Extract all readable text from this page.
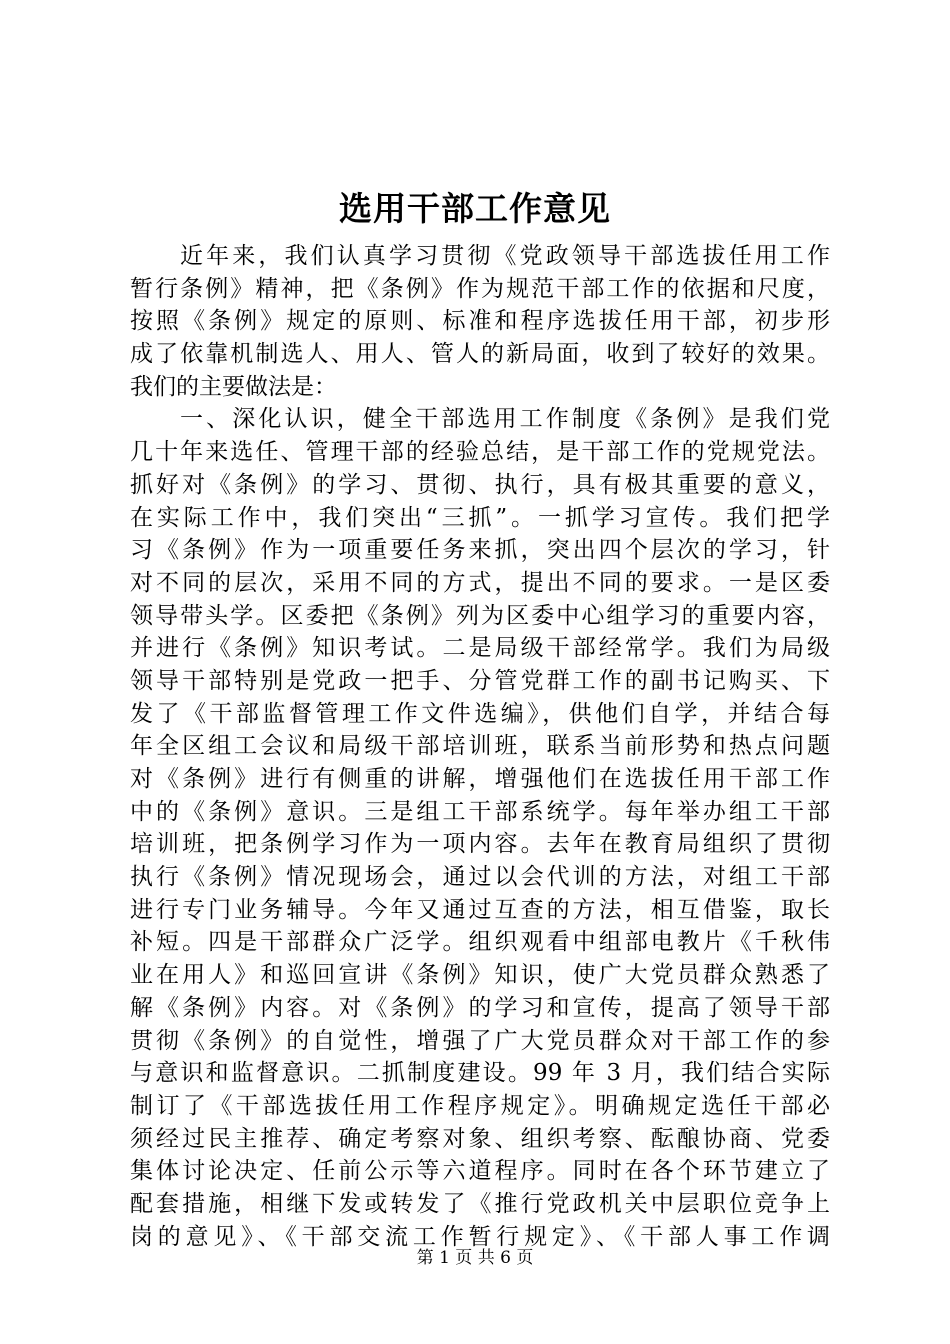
选用干部工作意见
近年来，我们认真学习贯彻《党政领导干部选拔任用工作
暂行条例》精神，把《条例》作为规范干部工作的依据和尺度，
按照《条例》规定的原则、标准和程序选拔任用干部，初步形
成了依靠机制选人、用人、管人的新局面，收到了较好的效果。
我们的主要做法是：
一、深化认识，健全干部选用工作制度《条例》是我们党
几十年来选任、管理干部的经验总结，是干部工作的党规党法。
抓好对《条例》的学习、贯彻、执行，具有极其重要的意义，
在实际工作中，我们突出“三抓”。一抓学习宣传。我们把学
习《条例》作为一项重要任务来抓，突出四个层次的学习，针
对不同的层次，采用不同的方式，提出不同的要求。一是区委
领导带头学。区委把《条例》列为区委中心组学习的重要内容，
并进行《条例》知识考试。二是局级干部经常学。我们为局级
领导干部特别是党政一把手、分管党群工作的副书记购买、下
发了《干部监督管理工作文件选编》，供他们自学，并结合每
年全区组工会议和局级干部培训班，联系当前形势和热点问题
对《条例》进行有侧重的讲解，增强他们在选拔任用干部工作
中的《条例》意识。三是组工干部系统学。每年举办组工干部
培训班，把条例学习作为一项内容。去年在教育局组织了贯彻
执行《条例》情况现场会，通过以会代训的方法，对组工干部
进行专门业务辅导。今年又通过互查的方法，相互借鉴，取长
补短。四是干部群众广泛学。组织观看中组部电教片《千秋伟
业在用人》和巡回宣讲《条例》知识，使广大党员群众熟悉了
解《条例》内容。对《条例》的学习和宣传，提高了领导干部
贯彻《条例》的自觉性，增强了广大党员群众对干部工作的参
与意识和监督意识。二抓制度建设。99 年 3 月，我们结合实际
制订了《干部选拔任用工作程序规定》。明确规定选任干部必
须经过民主推荐、确定考察对象、组织考察、酝酿协商、党委
集体讨论决定、任前公示等六道程序。同时在各个环节建立了
配套措施，相继下发或转发了《推行党政机关中层职位竞争上
岗的意见》、《干部交流工作暂行规定》、《干部人事工作调
第 1 页 共 6 页
